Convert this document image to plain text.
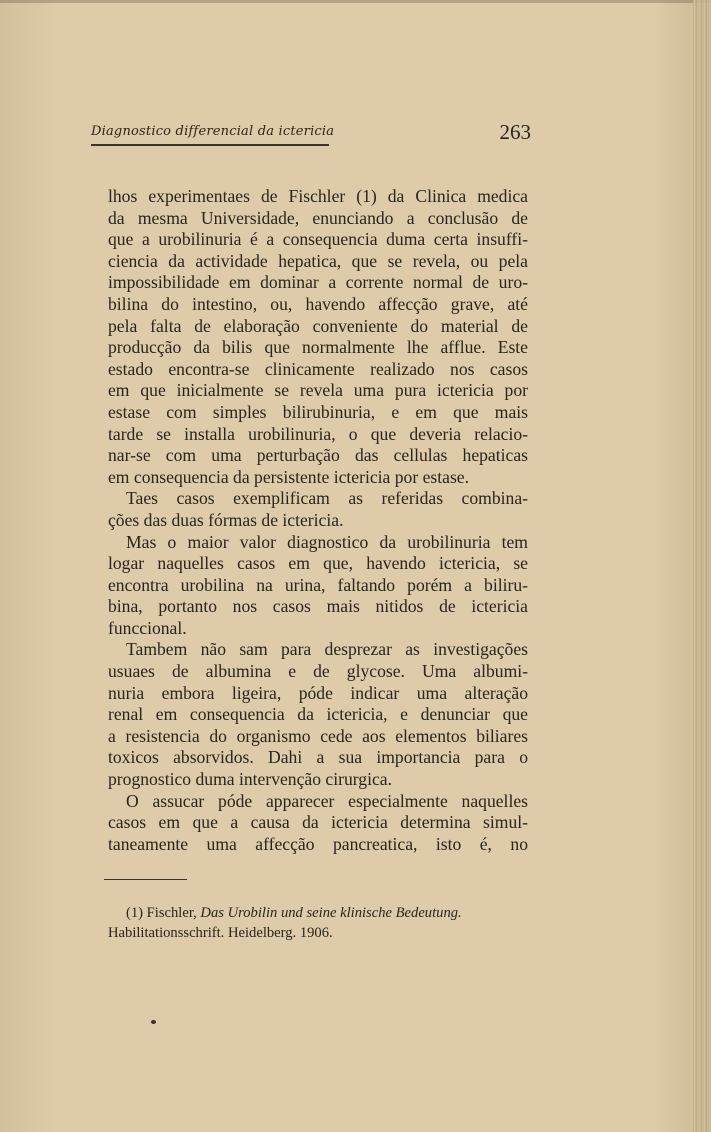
Diagnostico differencial da ictericia	263
lhos experimentaes de Fischler (1) da Clinica medica
da mesma Universidade, enunciando a conclusão de
que a urobilinuria é a consequencia duma certa insuffi-
ciencia da actividade hepatica, que se revela, ou pela
impossibilidade em dominar a corrente normal de uro-
bilina do intestino, ou, havendo affecção grave, até
pela falta de elaboração conveniente do material de
producção da bilis que normalmente lhe afflue. Este
estado encontra-se clinicamente realizado nos casos
em que inicialmente se revela uma pura ictericia por
estase com simples bilirubinuria, e em que mais
tarde se installa urobilinuria, o que deveria relacio-
nar-se com uma perturbação das cellulas hepaticas
em consequencia da persistente ictericia por estase.
Taes casos exemplificam as referidas combina-
ções das duas fórmas de ictericia.
Mas o maior valor diagnostico da urobilinuria tem
logar naquelles casos em que, havendo ictericia, se
encontra urobilina na urina, faltando porém a biliru-
bina, portanto nos casos mais nitidos de ictericia
funccional.
Tambem não sam para desprezar as investigações
usuaes de albumina e de glycose. Uma albumi-
nuria embora ligeira, póde indicar uma alteração
renal em consequencia da ictericia, e denunciar que
a resistencia do organismo cede aos elementos biliares
toxicos absorvidos. Dahi a sua importancia para o
prognostico duma intervenção cirurgica.
O assucar póde apparecer especialmente naquelles
casos em que a causa da ictericia determina simul-
taneamente uma affecção pancreatica, isto é, no
(1) Fischler, Das Urobilin und seine klinische Bedeutung.
Habilitationsschrift. Heidelberg. 1906.
